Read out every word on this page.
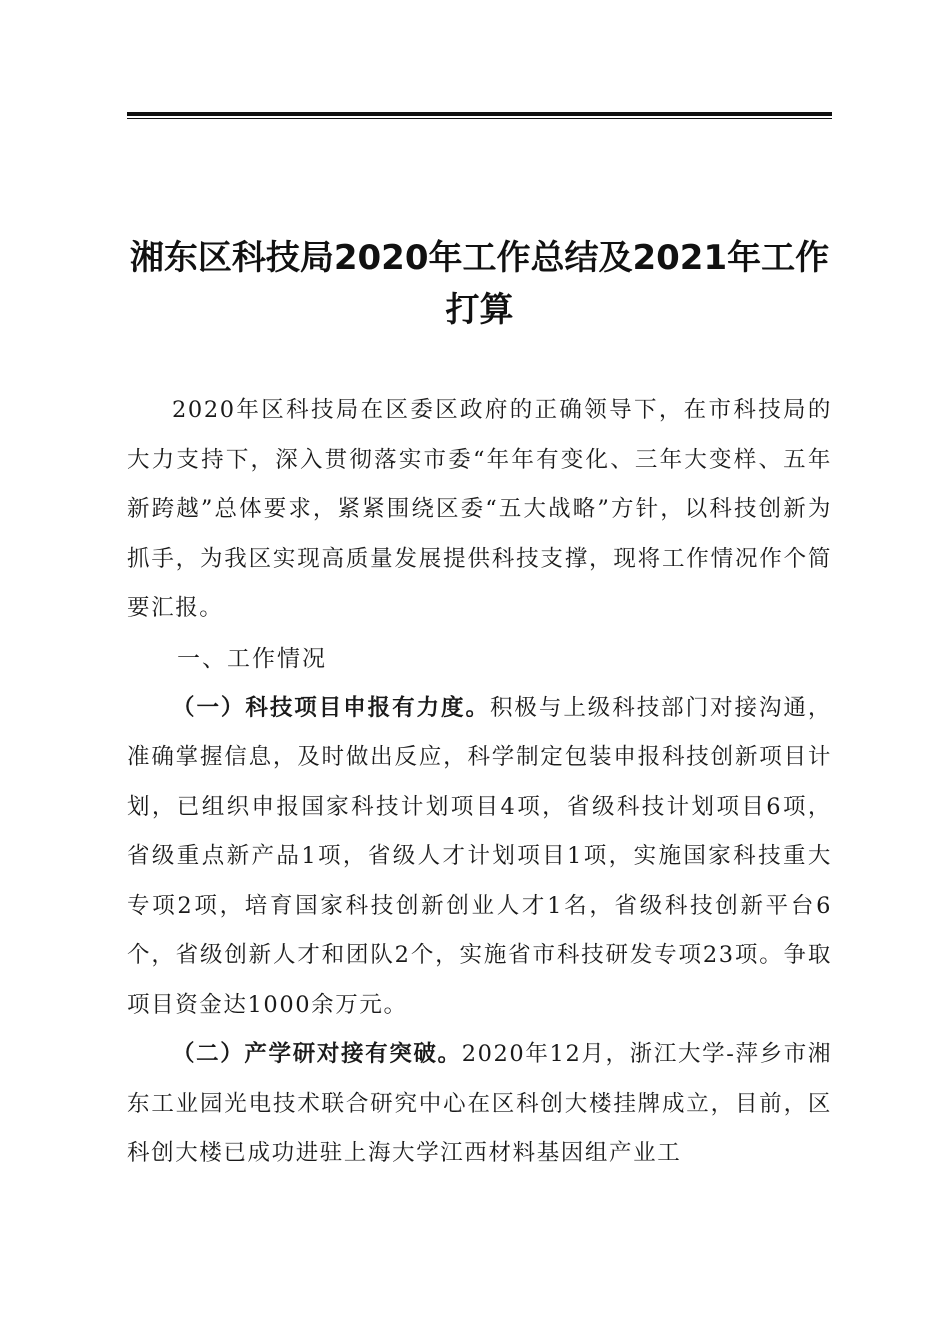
湘东区科技局2020年工作总结及2021年工作
打算

2020年区科技局在区委区政府的正确领导下，在市科技局的大力支持下，深入贯彻落实市委“年年有变化、三年大变样、五年新跨越”总体要求，紧紧围绕区委“五大战略”方针，以科技创新为抓手，为我区实现高质量发展提供科技支撑，现将工作情况作个简要汇报。

一、工作情况

（一）科技项目申报有力度。积极与上级科技部门对接沟通，准确掌握信息，及时做出反应，科学制定包装申报科技创新项目计划，已组织申报国家科技计划项目4项，省级科技计划项目6项，省级重点新产品1项，省级人才计划项目1项，实施国家科技重大专项2项，培育国家科技创新创业人才1名，省级科技创新平台6个，省级创新人才和团队2个，实施省市科技研发专项23项。争取项目资金达1000余万元。

（二）产学研对接有突破。2020年12月，浙江大学-萍乡市湘东工业园光电技术联合研究中心在区科创大楼挂牌成立，目前，区科创大楼已成功进驻上海大学江西材料基因组产业工
